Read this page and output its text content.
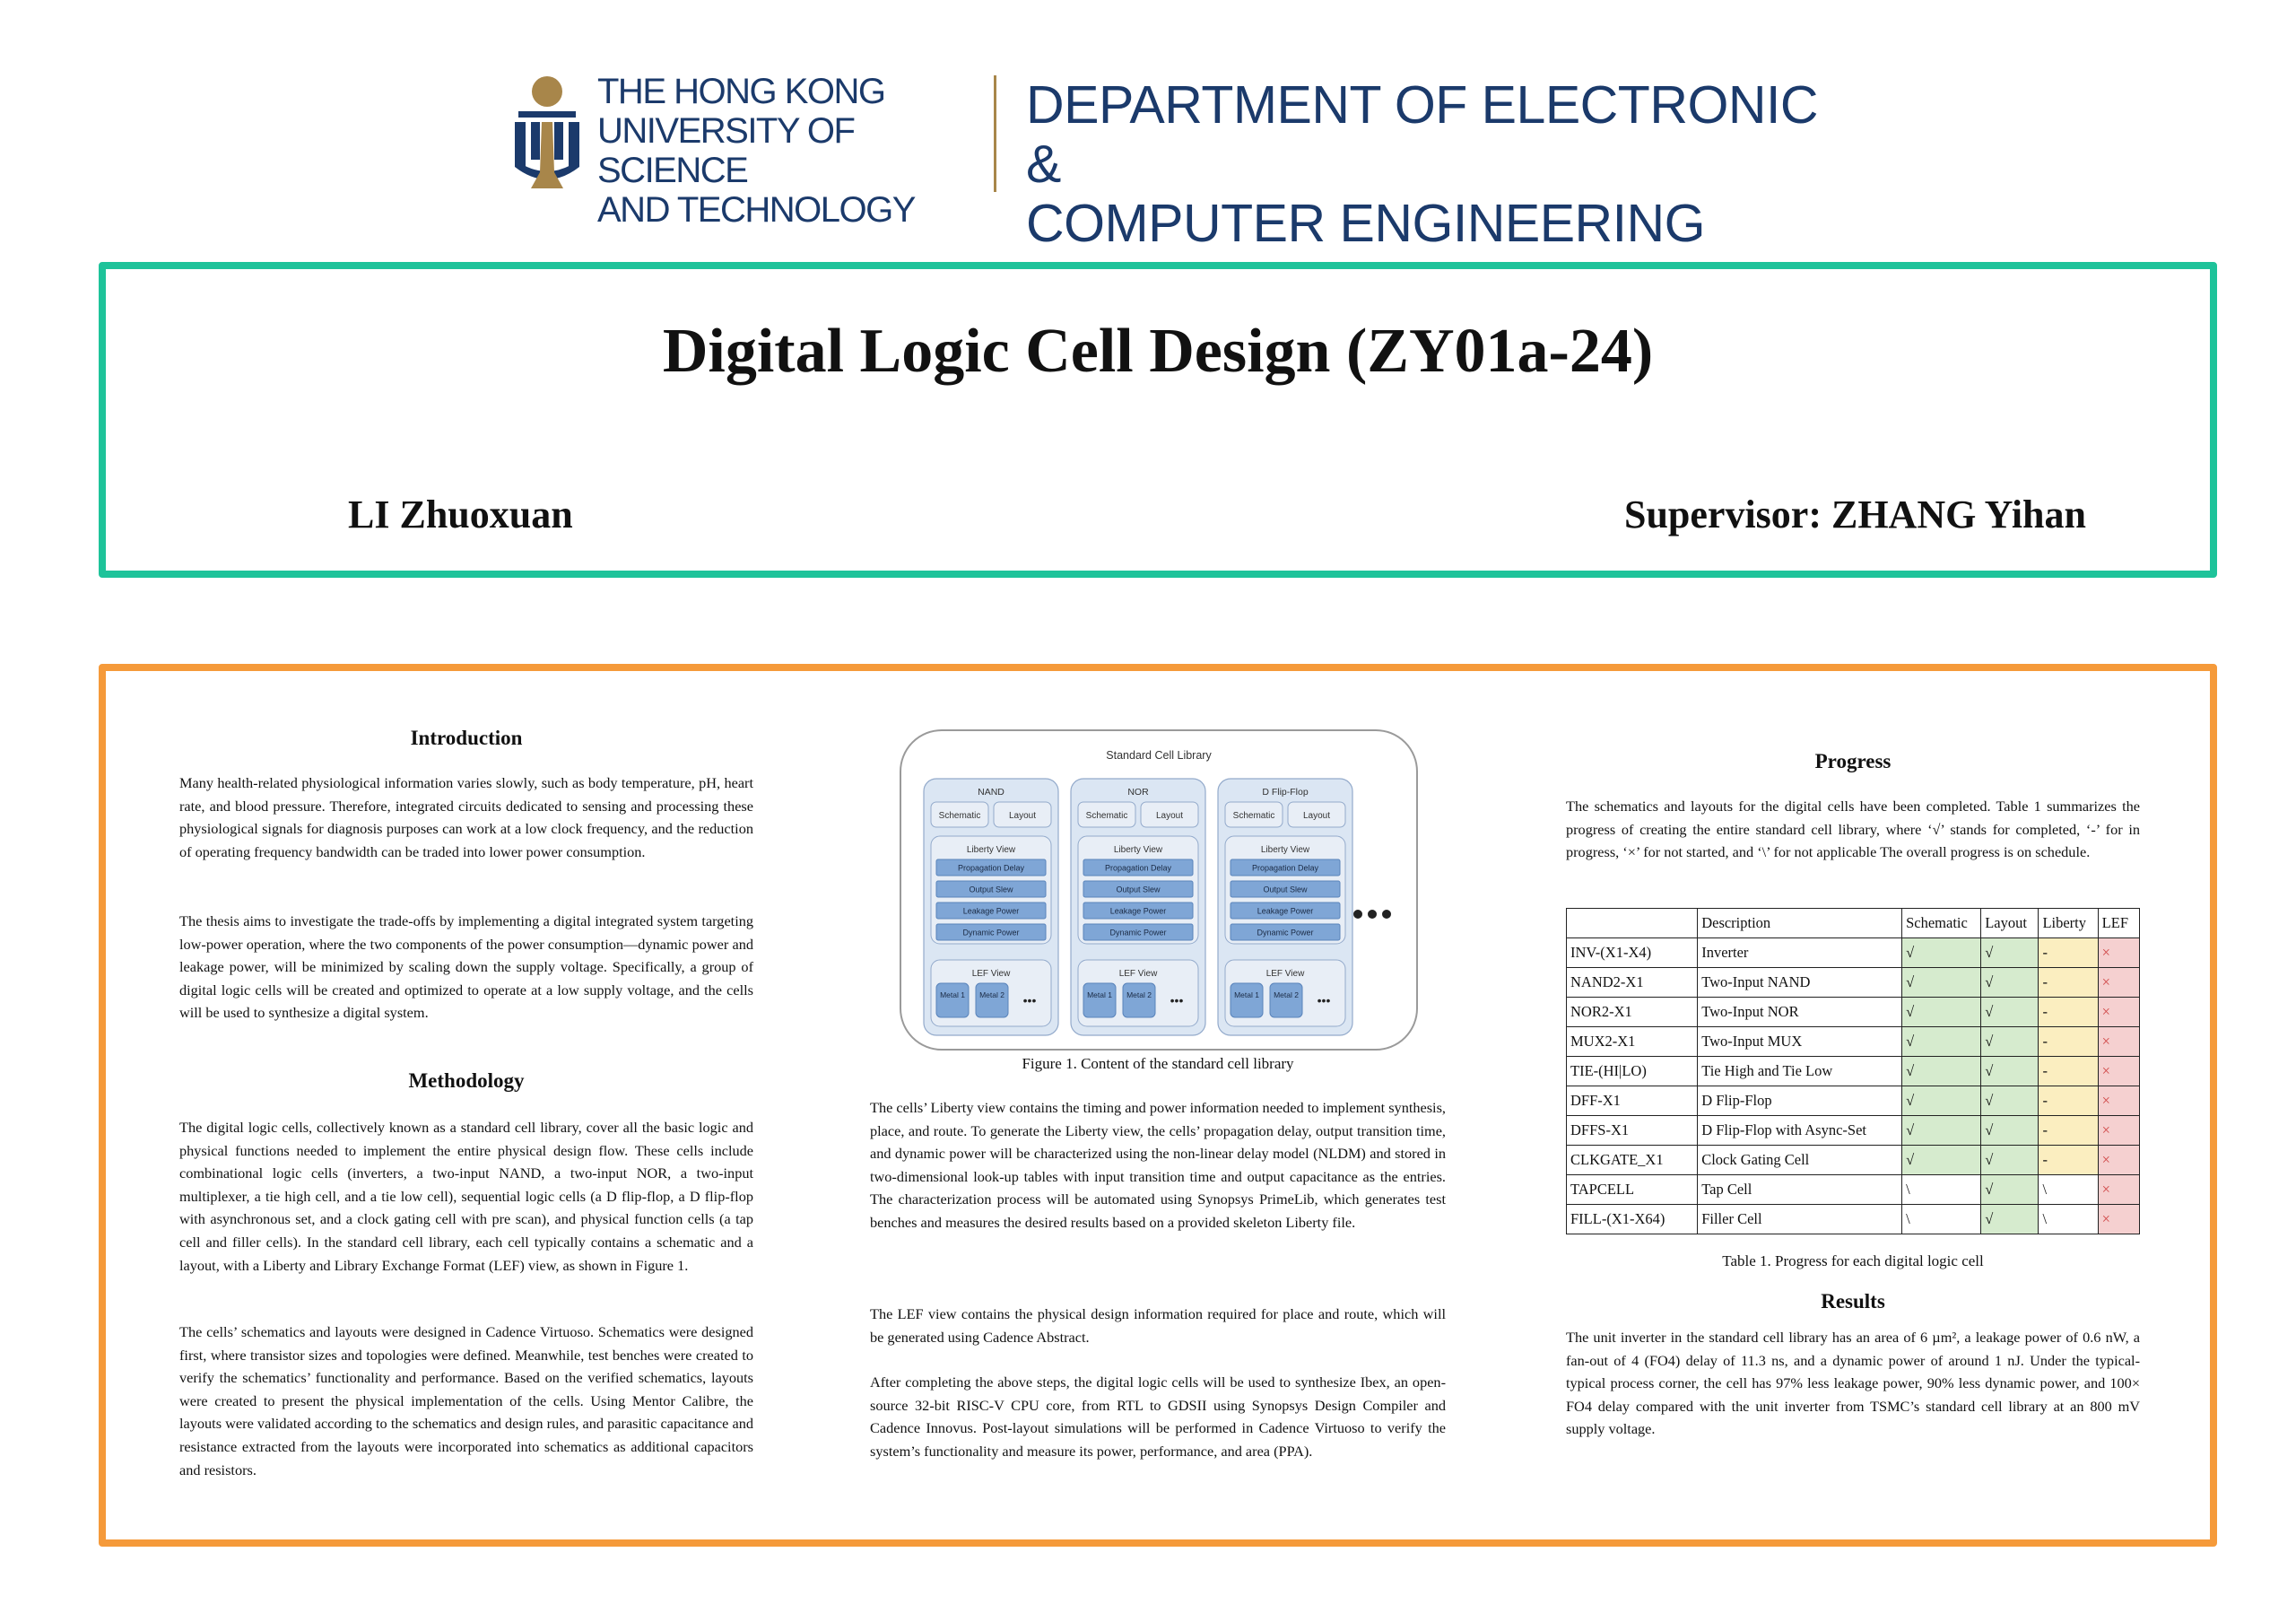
THE HONG KONG
UNIVERSITY OF SCIENCE
AND TECHNOLOGY
DEPARTMENT OF ELECTRONIC &
COMPUTER ENGINEERING
Digital Logic Cell Design (ZY01a-24)
LI Zhuoxuan	Supervisor: ZHANG Yihan
Introduction

Many health-related physiological information varies slowly, such as body temperature, pH, heart rate, and blood pressure. Therefore, integrated circuits dedicated to sensing and processing these physiological signals for diagnosis purposes can work at a low clock frequency, and the reduction of operating frequency bandwidth can be traded into lower power consumption.

The thesis aims to investigate the trade-offs by implementing a digital integrated system targeting low-power operation, where the two components of the power consumption—dynamic power and leakage power, will be minimized by scaling down the supply voltage. Specifically, a group of digital logic cells will be created and optimized to operate at a low supply voltage, and the cells will be used to synthesize a digital system.

Methodology

The digital logic cells, collectively known as a standard cell library, cover all the basic logic and physical functions needed to implement the entire physical design flow. These cells include combinational logic cells (inverters, a two-input NAND, a two-input NOR, a two-input multiplexer, a tie high cell, and a tie low cell), sequential logic cells (a D flip-flop, a D flip-flop with asynchronous set, and a clock gating cell with pre scan), and physical function cells (a tap cell and filler cells). In the standard cell library, each cell typically contains a schematic and a layout, with a Liberty and Library Exchange Format (LEF) view, as shown in Figure 1.

The cells’ schematics and layouts were designed in Cadence Virtuoso. Schematics were designed first, where transistor sizes and topologies were defined. Meanwhile, test benches were created to verify the schematics’ functionality and performance. Based on the verified schematics, layouts were created to present the physical implementation of the cells. Using Mentor Calibre, the layouts were validated according to the schematics and design rules, and parasitic capacitance and resistance extracted from the layouts were incorporated into schematics as additional capacitors and resistors.

Standard Cell Library
NAND
Schematic	Layout
Liberty View
Propagation Delay
Output Slew
Leakage Power
Dynamic Power
LEF View
Metal 1 Metal 2 •••
NOR
Schematic	Layout
Liberty View
Propagation Delay
Output Slew
Leakage Power
Dynamic Power
LEF View
Metal 1 Metal 2 •••
D Flip-Flop
Schematic	Layout
Liberty View
Propagation Delay
Output Slew
Leakage Power
Dynamic Power
LEF View
Metal 1 Metal 2 •••
Figure 1. Content of the standard cell library

The cells’ Liberty view contains the timing and power information needed to implement synthesis, place, and route. To generate the Liberty view, the cells’ propagation delay, output transition time, and dynamic power will be characterized using the non-linear delay model (NLDM) and stored in two-dimensional look-up tables with input transition time and output capacitance as the entries. The characterization process will be automated using Synopsys PrimeLib, which generates test benches and measures the desired results based on a provided skeleton Liberty file.

The LEF view contains the physical design information required for place and route, which will be generated using Cadence Abstract.

After completing the above steps, the digital logic cells will be used to synthesize Ibex, an open-source 32-bit RISC-V CPU core, from RTL to GDSII using Synopsys Design Compiler and Cadence Innovus. Post-layout simulations will be performed in Cadence Virtuoso to verify the system’s functionality and measure its power, performance, and area (PPA).

Progress

The schematics and layouts for the digital cells have been completed. Table 1 summarizes the progress of creating the entire standard cell library, where ‘√’ stands for completed, ‘-’ for in progress, ‘×’ for not started, and ‘\’ for not applicable The overall progress is on schedule.

	Description	Schematic	Layout	Liberty	LEF
INV-(X1-X4)	Inverter	√	√	-	×
NAND2-X1	Two-Input NAND	√	√	-	×
NOR2-X1	Two-Input NOR	√	√	-	×
MUX2-X1	Two-Input MUX	√	√	-	×
TIE-(HI|LO)	Tie High and Tie Low	√	√	-	×
DFF-X1	D Flip-Flop	√	√	-	×
DFFS-X1	D Flip-Flop with Async-Set	√	√	-	×
CLKGATE_X1	Clock Gating Cell	√	√	-	×
TAPCELL	Tap Cell	\	√	\	×
FILL-(X1-X64)	Filler Cell	\	√	\	×
Table 1. Progress for each digital logic cell
Results

The unit inverter in the standard cell library has an area of 6 µm², a leakage power of 0.6 nW, a fan-out of 4 (FO4) delay of 11.3 ns, and a dynamic power of around 1 nJ. Under the typical-typical process corner, the cell has 97% less leakage power, 90% less dynamic power, and 100× FO4 delay compared with the unit inverter from TSMC’s standard cell library at an 800 mV supply voltage.
